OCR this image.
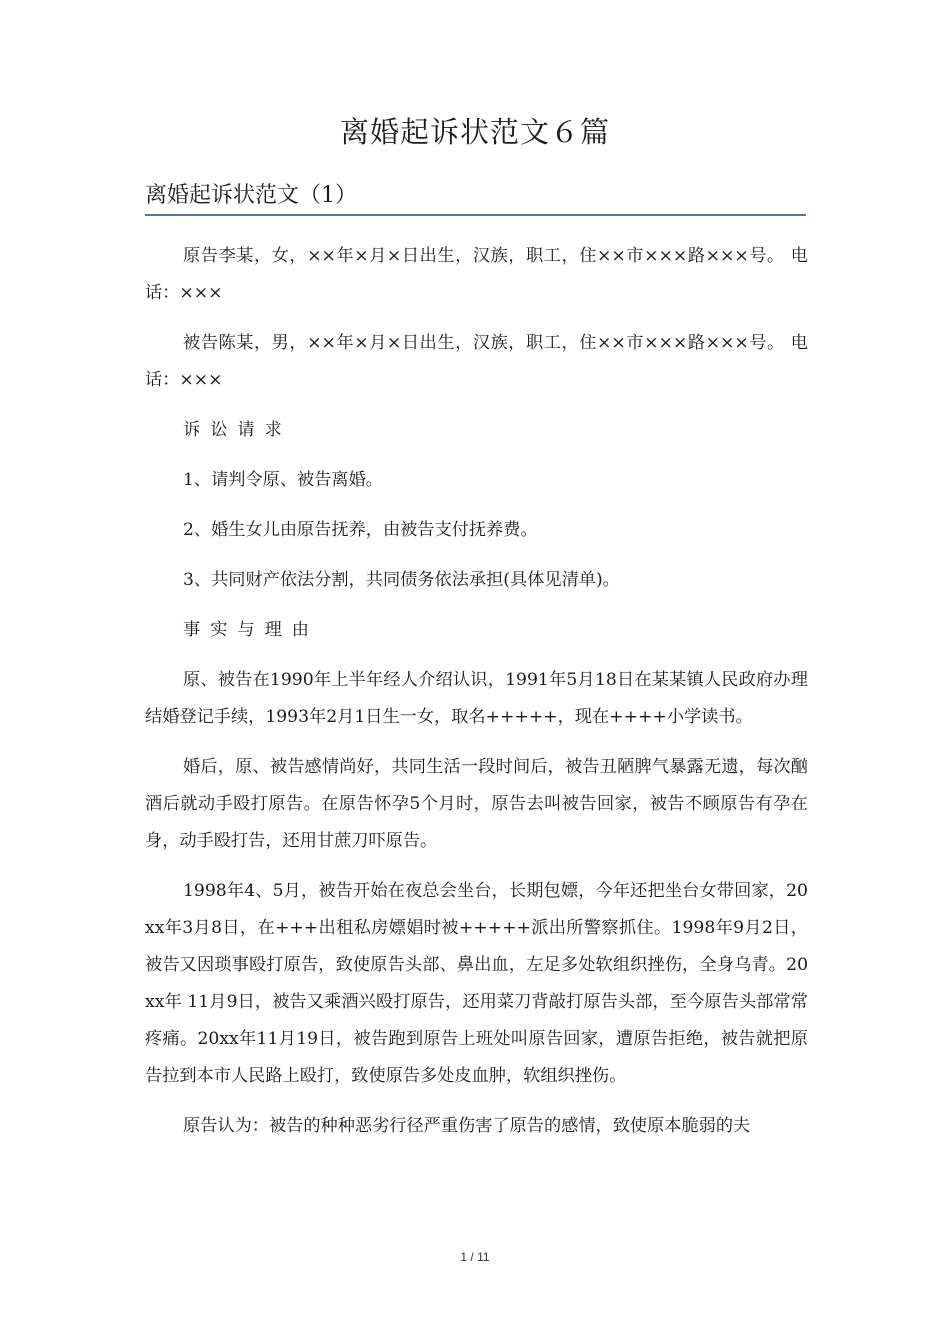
离婚起诉状范文６篇
离婚起诉状范文（1）

原告李某，女，××年×月×日出生，汉族，职工，住××市×××路×××号。 电话：×××

被告陈某，男，××年×月×日出生，汉族，职工，住××市×××路×××号。 电话：×××

诉讼请求

1、请判令原、被告离婚。

2、婚生女儿由原告抚养，由被告支付抚养费。

3、共同财产依法分割，共同债务依法承担(具体见清单)。

事实与理由

原、被告在1990年上半年经人介绍认识，1991年5月18日在某某镇人民政府办理结婚登记手续，1993年2月1日生一女，取名+++++，现在++++小学读书。

婚后，原、被告感情尚好，共同生活一段时间后，被告丑陋脾气暴露无遗，每次酗酒后就动手殴打原告。在原告怀孕5个月时，原告去叫被告回家，被告不顾原告有孕在身，动手殴打告，还用甘蔗刀吓原告。

1998年4、5月，被告开始在夜总会坐台，长期包嫖，今年还把坐台女带回家，20xx年3月8日，在+++出租私房嫖娼时被+++++派出所警察抓住。1998年9月2日，被告又因琐事殴打原告，致使原告头部、鼻出血，左足多处软组织挫伤，全身乌青。20xx年 11月9日，被告又乘酒兴殴打原告，还用菜刀背敲打原告头部，至今原告头部常常疼痛。20xx年11月19日，被告跑到原告上班处叫原告回家，遭原告拒绝，被告就把原告拉到本市人民路上殴打，致使原告多处皮血肿，软组织挫伤。

原告认为：被告的种种恶劣行径严重伤害了原告的感情，致使原本脆弱的夫

1 / 11
